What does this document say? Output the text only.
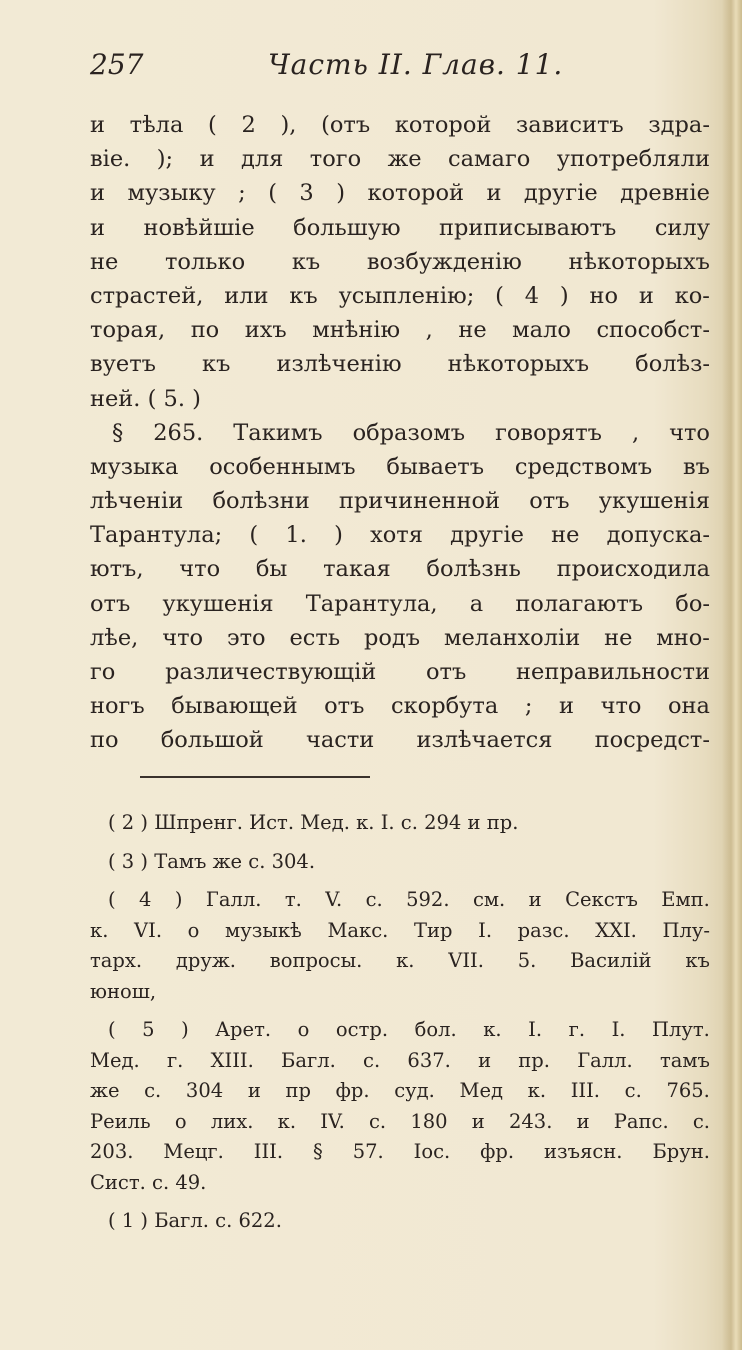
257	Часть II. Глав. 11.
и тѣла ( 2 ), (отъ которой зависитъ здра-
віе. ); и для того же самаго употребляли
и музыку ; ( 3 ) которой и другіе древніе
и новѣйшіе большую приписываютъ силу
не только къ возбужденію нѣкоторыхъ
страстей, или къ усыпленію; ( 4 ) но и ко-
торая, по ихъ мнѣнію , не мало способст-
вуетъ къ излѣченію нѣкоторыхъ болѣз-
ней. ( 5. )
§ 265. Такимъ образомъ говорятъ , что
музыка особеннымъ бываетъ средствомъ въ
лѣченіи болѣзни причиненной отъ укушенія
Тарантула; ( 1. ) хотя другіе не допуска-
ютъ, что бы такая болѣзнь происходила
отъ укушенія Тарантула, а полагаютъ бо-
лѣе, что это есть родъ меланхоліи не мно-
го различествующій отъ неправильности
ногъ бывающей отъ скорбута ; и что она
по большой части излѣчается посредст-
( 2 ) Шпренг. Ист. Мед. к. I. с. 294 и пр.
( 3 ) Тамъ же с. 304.
( 4 ) Галл. т. V. с. 592. см. и Секстъ Емп.
к. VI. о музыкѣ Макс. Тир I. разс. XXI. Плу-
тарх. друж. вопросы. к. VII. 5. Василій къ
юнош,
( 5 ) Арет. о остр. бол. к. I. г. I. Плут.
Мед. г. XIII. Багл. с. 637. и пр. Галл. тамъ
же с. 304 и пр фр. суд. Мед к. III. с. 765.
Реиль о лих. к. IV. с. 180 и 243. и Рапс. с.
203. Мецг. III. § 57. Іос. фр. изъясн. Брун.
Сист. с. 49.
( 1 ) Багл. с. 622.
